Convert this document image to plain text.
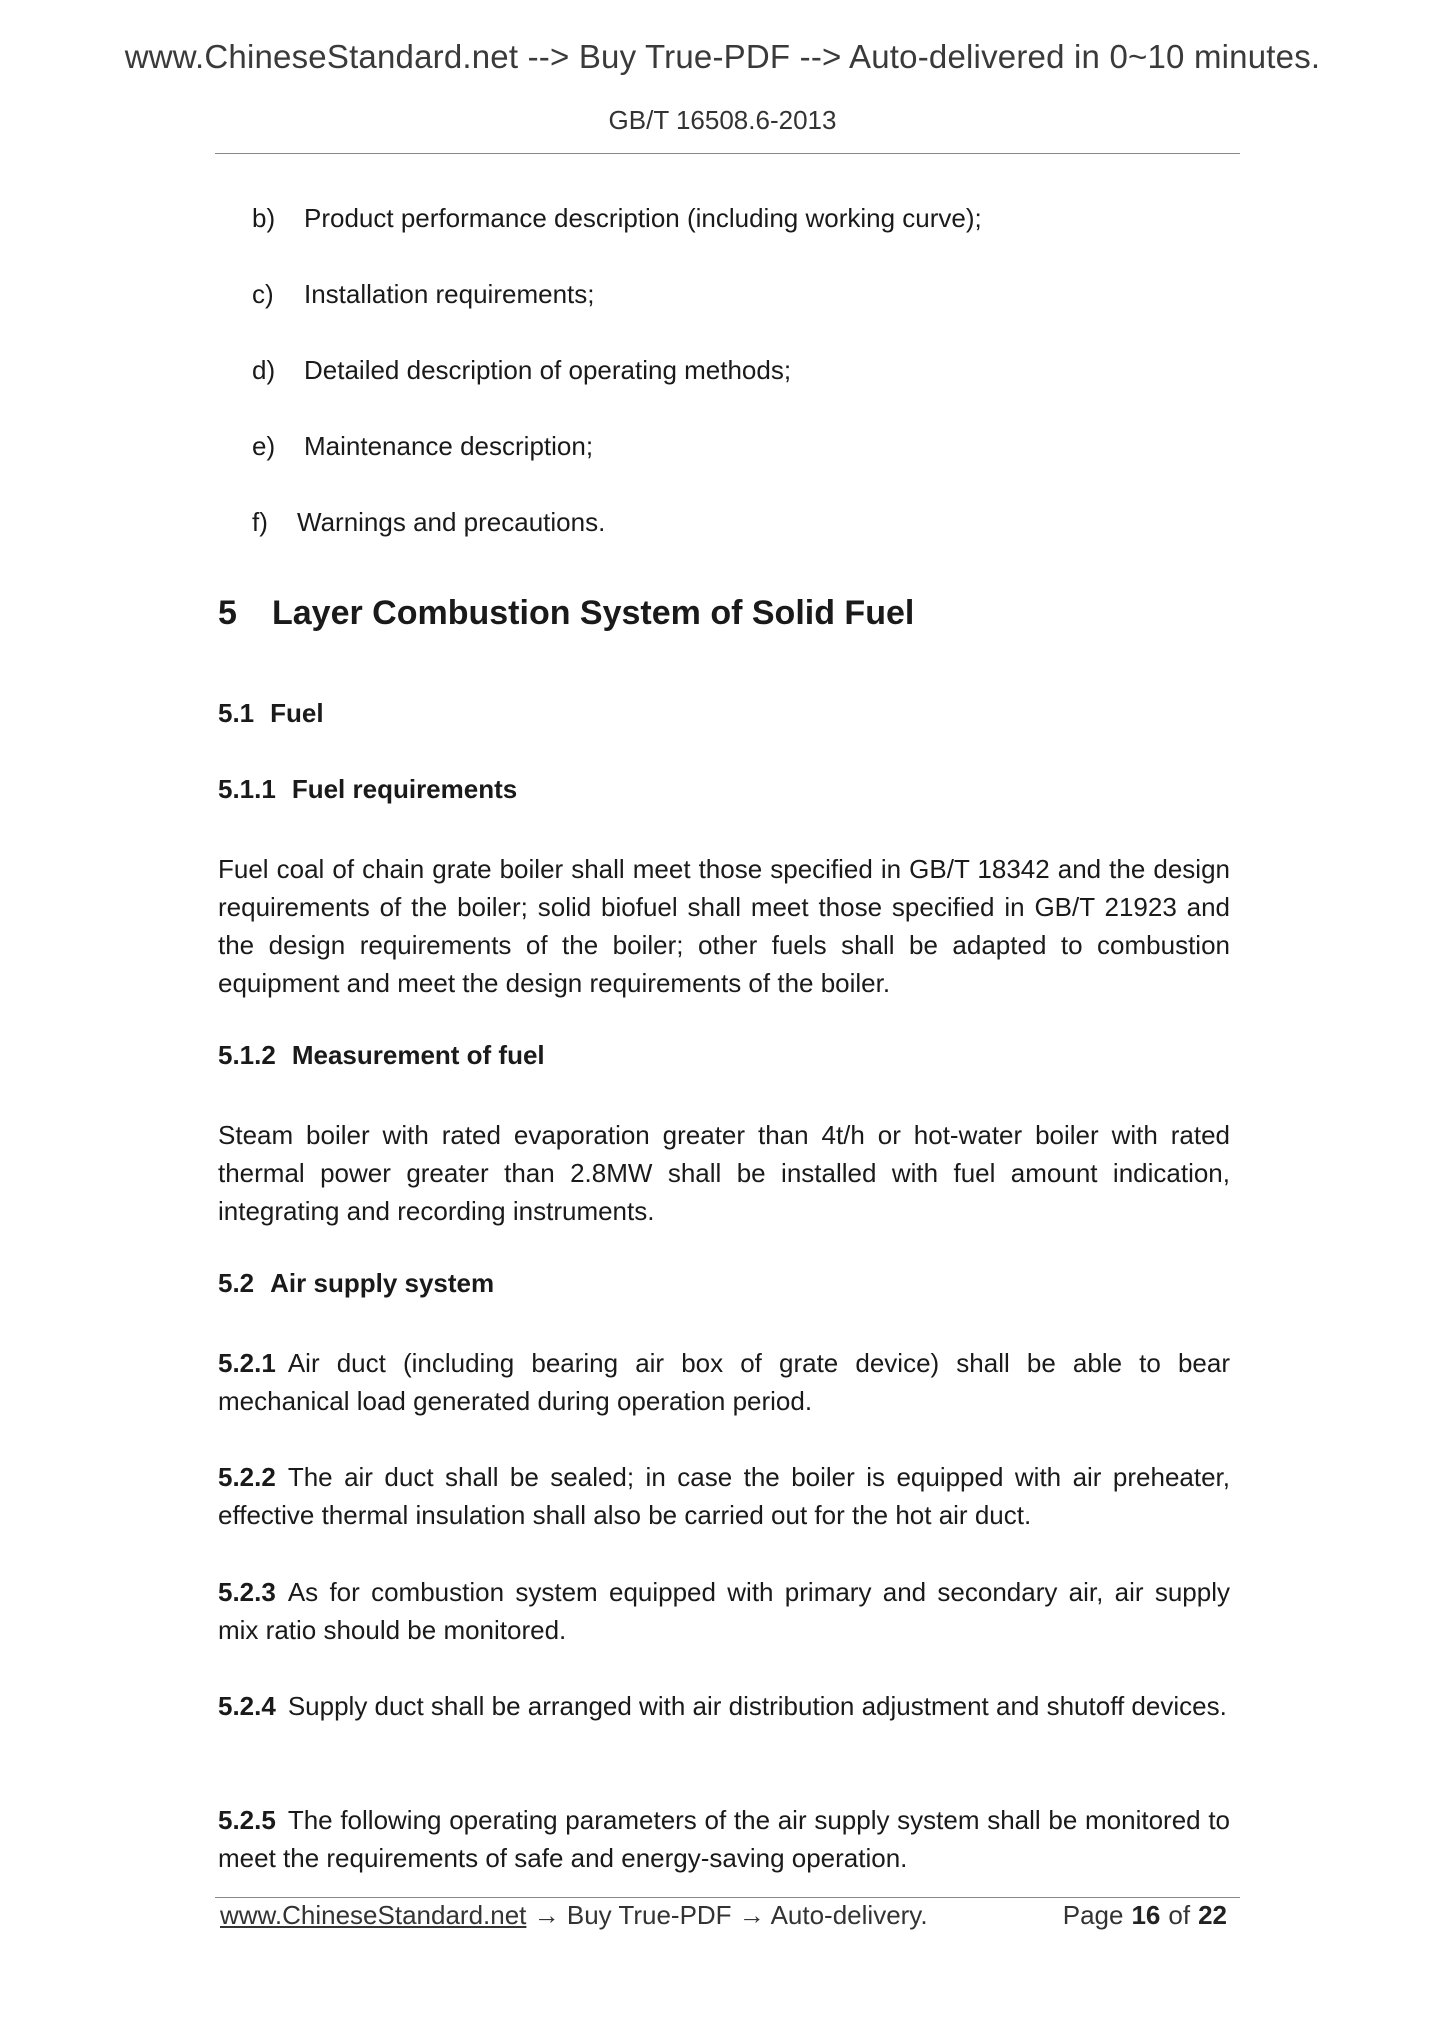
www.ChineseStandard.net --> Buy True-PDF --> Auto-delivered in 0~10 minutes.
GB/T 16508.6-2013
b) Product performance description (including working curve);
c) Installation requirements;
d) Detailed description of operating methods;
e) Maintenance description;
f) Warnings and precautions.
5 Layer Combustion System of Solid Fuel
5.1 Fuel
5.1.1 Fuel requirements
Fuel coal of chain grate boiler shall meet those specified in GB/T 18342 and the design requirements of the boiler; solid biofuel shall meet those specified in GB/T 21923 and the design requirements of the boiler; other fuels shall be adapted to combustion equipment and meet the design requirements of the boiler.
5.1.2 Measurement of fuel
Steam boiler with rated evaporation greater than 4t/h or hot-water boiler with rated thermal power greater than 2.8MW shall be installed with fuel amount indication, integrating and recording instruments.
5.2 Air supply system
5.2.1 Air duct (including bearing air box of grate device) shall be able to bear mechanical load generated during operation period.
5.2.2 The air duct shall be sealed; in case the boiler is equipped with air preheater, effective thermal insulation shall also be carried out for the hot air duct.
5.2.3 As for combustion system equipped with primary and secondary air, air supply mix ratio should be monitored.
5.2.4 Supply duct shall be arranged with air distribution adjustment and shutoff devices.
5.2.5 The following operating parameters of the air supply system shall be monitored to meet the requirements of safe and energy-saving operation.
www.ChineseStandard.net → Buy True-PDF → Auto-delivery.	Page 16 of 22
